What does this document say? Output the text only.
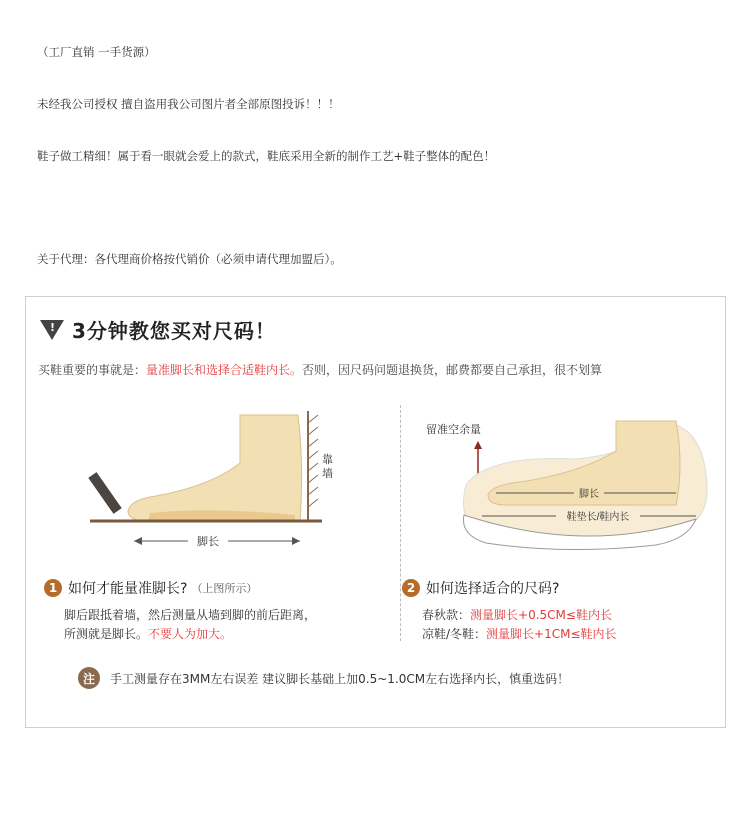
（工厂直销 一手货源）
未经我公司授权 擅自盗用我公司图片者全部原图投诉！！！
鞋子做工精细！属于看一眼就会爱上的款式，鞋底采用全新的制作工艺+鞋子整体的配色！
关于代理：各代理商价格按代销价（必须申请代理加盟后）。
! 3分钟教您买对尺码！
买鞋重要的事就是：量准脚长和选择合适鞋内长。否则，因尺码问题退换货，邮费都要自己承担，很不划算
靠
墙
脚长
留准空余量
脚长
鞋垫长/鞋内长
1 如何才能量准脚长? （上图所示）
脚后跟抵着墙，然后测量从墙到脚的前后距离，
所测就是脚长。不要人为加大。
2 如何选择适合的尺码?
春秋款：测量脚长+0.5CM≤鞋内长
凉鞋/冬鞋：测量脚长+1CM≤鞋内长
注	手工测量存在3MM左右误差 建议脚长基础上加0.5~1.0CM左右选择内长，慎重选码！
